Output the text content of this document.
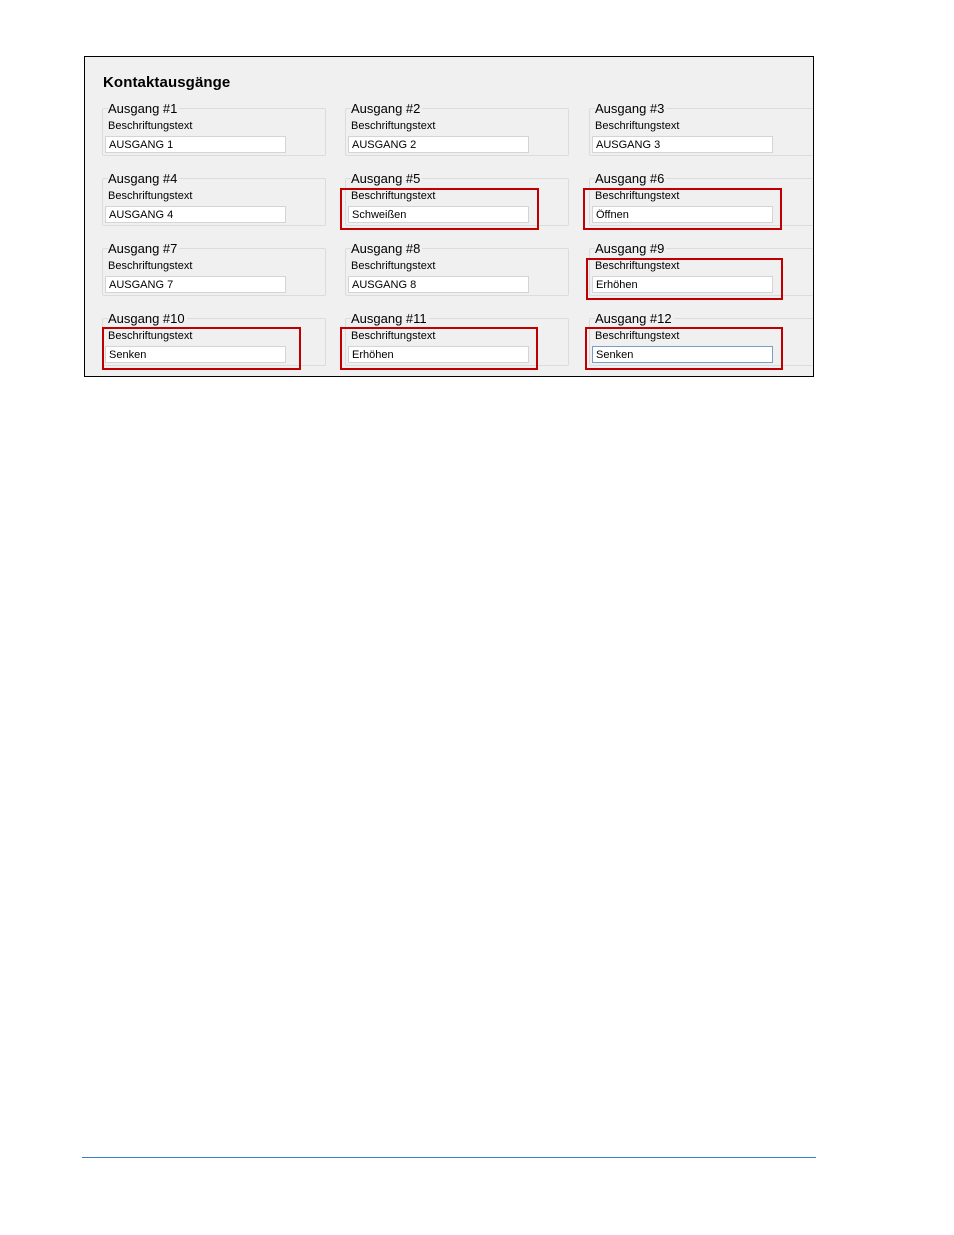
Kontaktausgänge
Ausgang #1
Beschriftungstext
AUSGANG 1
Ausgang #2
Beschriftungstext
AUSGANG 2
Ausgang #3
Beschriftungstext
AUSGANG 3
Ausgang #4
Beschriftungstext
AUSGANG 4
Ausgang #5
Beschriftungstext
Schweißen
Ausgang #6
Beschriftungstext
Öffnen
Ausgang #7
Beschriftungstext
AUSGANG 7
Ausgang #8
Beschriftungstext
AUSGANG 8
Ausgang #9
Beschriftungstext
Erhöhen
Ausgang #10
Beschriftungstext
Senken
Ausgang #11
Beschriftungstext
Erhöhen
Ausgang #12
Beschriftungstext
Senken
